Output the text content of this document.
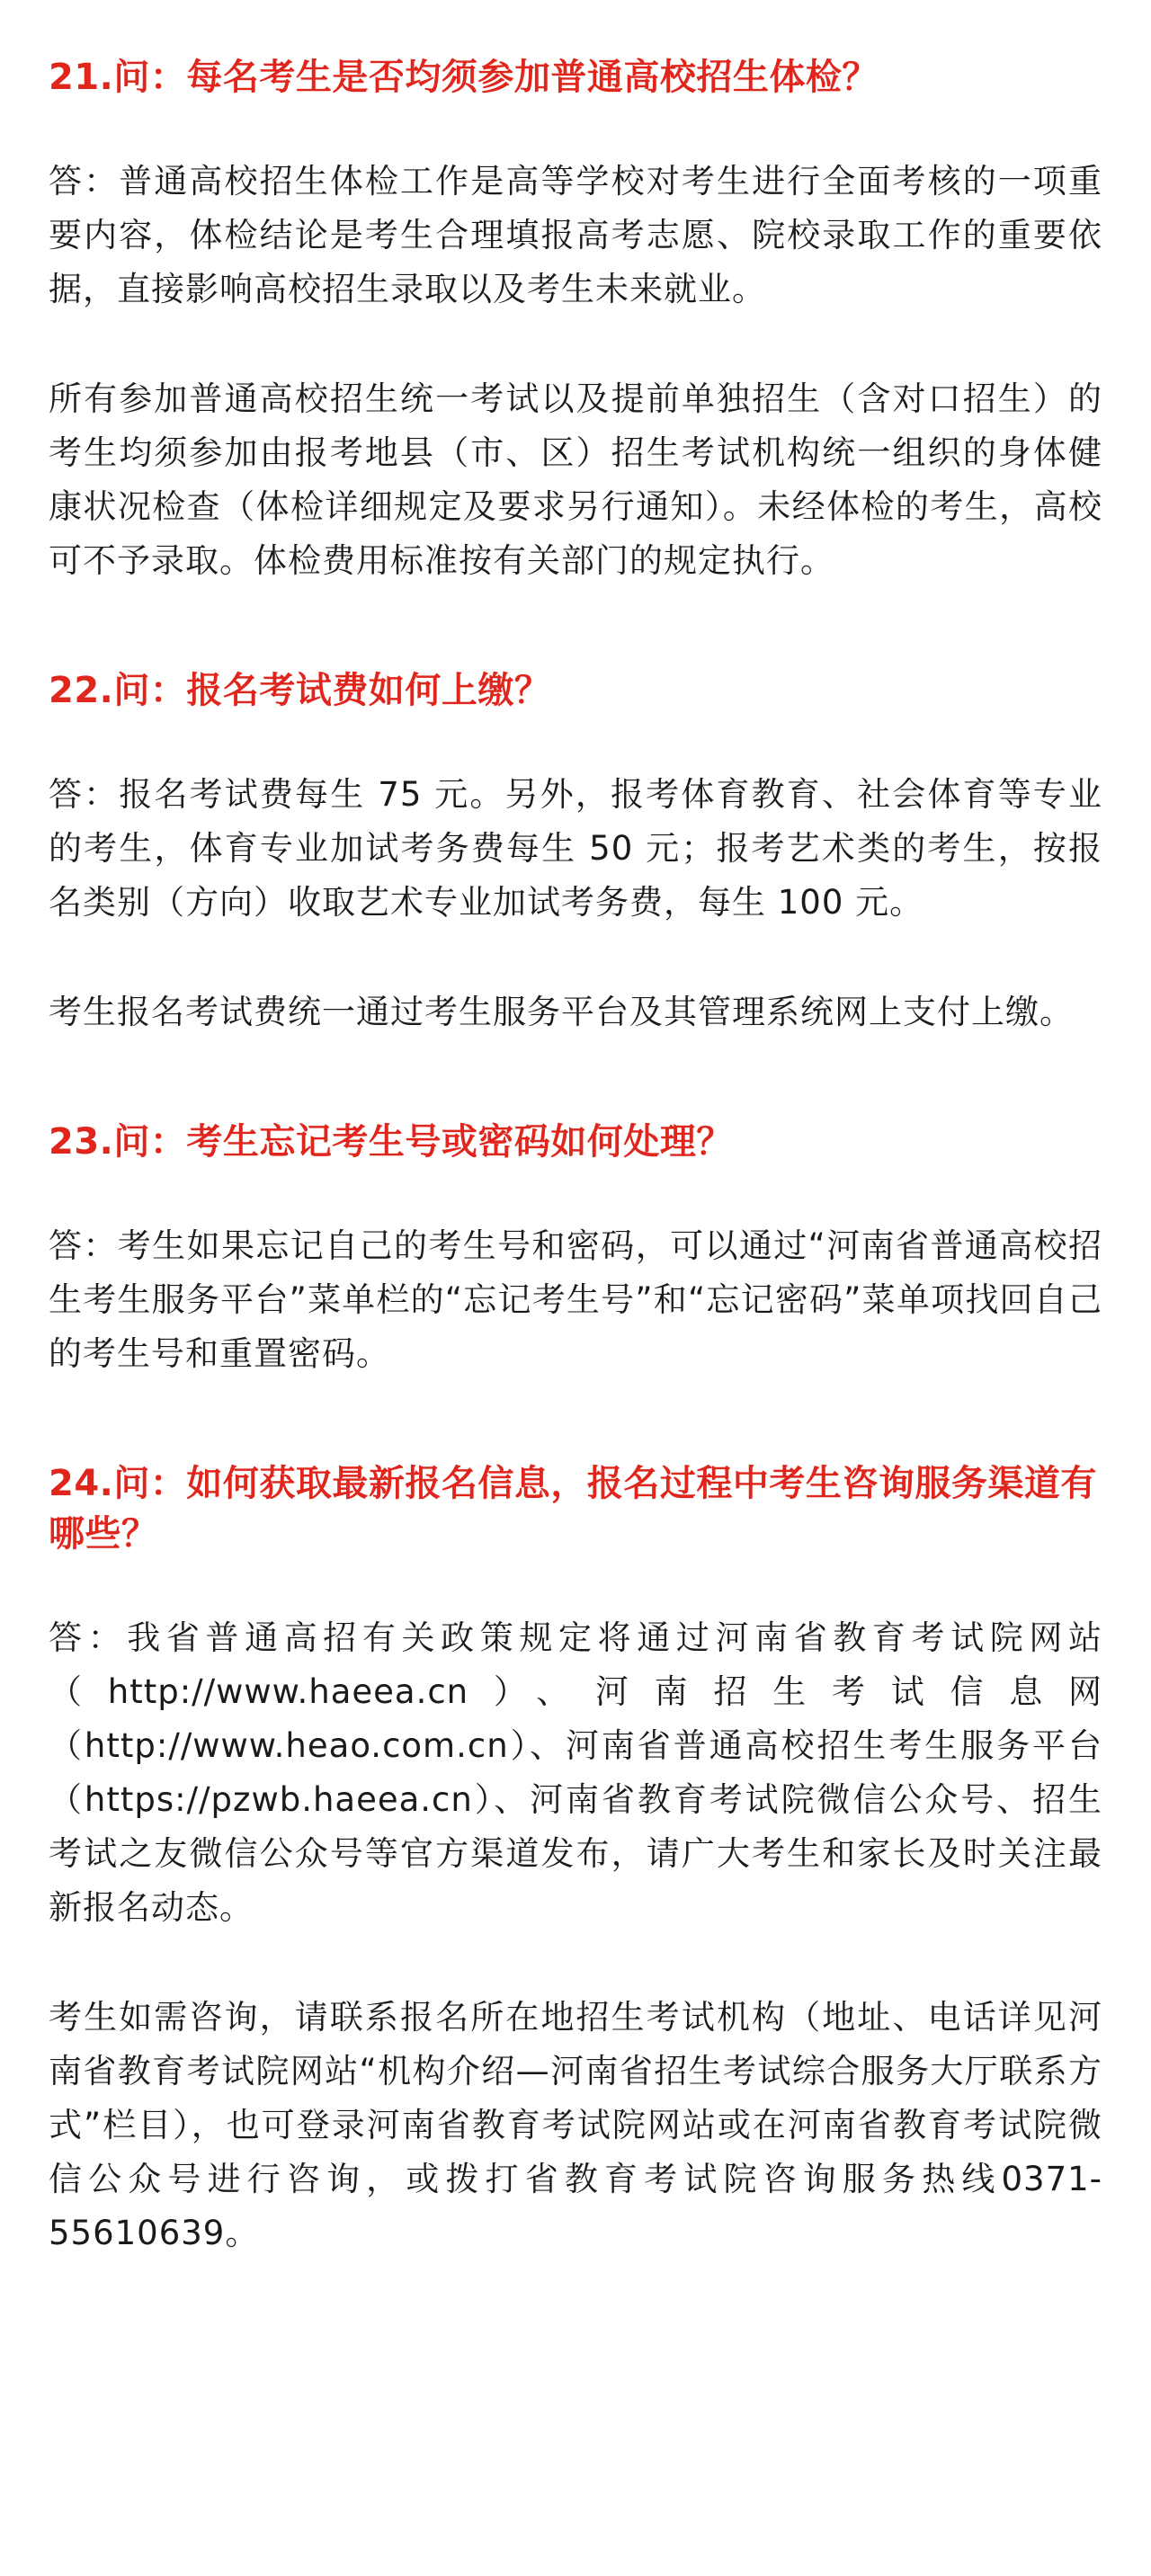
21.问：每名考生是否均须参加普通高校招生体检？

答：普通高校招生体检工作是高等学校对考生进行全面考核的一项重要内容，体检结论是考生合理填报高考志愿、院校录取工作的重要依据，直接影响高校招生录取以及考生未来就业。

所有参加普通高校招生统一考试以及提前单独招生（含对口招生）的考生均须参加由报考地县（市、区）招生考试机构统一组织的身体健康状况检查（体检详细规定及要求另行通知）。未经体检的考生，高校可不予录取。体检费用标准按有关部门的规定执行。

22.问：报名考试费如何上缴？

答：报名考试费每生 75 元。另外，报考体育教育、社会体育等专业的考生，体育专业加试考务费每生 50 元；报考艺术类的考生，按报名类别（方向）收取艺术专业加试考务费，每生 100 元。

考生报名考试费统一通过考生服务平台及其管理系统网上支付上缴。

23.问：考生忘记考生号或密码如何处理？

答：考生如果忘记自己的考生号和密码，可以通过“河南省普通高校招生考生服务平台”菜单栏的“忘记考生号”和“忘记密码”菜单项找回自己的考生号和重置密码。

24.问：如何获取最新报名信息，报名过程中考生咨询服务渠道有哪些？

答：我省普通高招有关政策规定将通过河南省教育考试院网站（http://www.haeea.cn）、河南招生考试信息网（http://www.heao.com.cn）、河南省普通高校招生考生服务平台（https://pzwb.haeea.cn）、河南省教育考试院微信公众号、招生考试之友微信公众号等官方渠道发布，请广大考生和家长及时关注最新报名动态。

考生如需咨询，请联系报名所在地招生考试机构（地址、电话详见河南省教育考试院网站“机构介绍—河南省招生考试综合服务大厅联系方式”栏目），也可登录河南省教育考试院网站或在河南省教育考试院微信公众号进行咨询，或拨打省教育考试院咨询服务热线0371-55610639。
